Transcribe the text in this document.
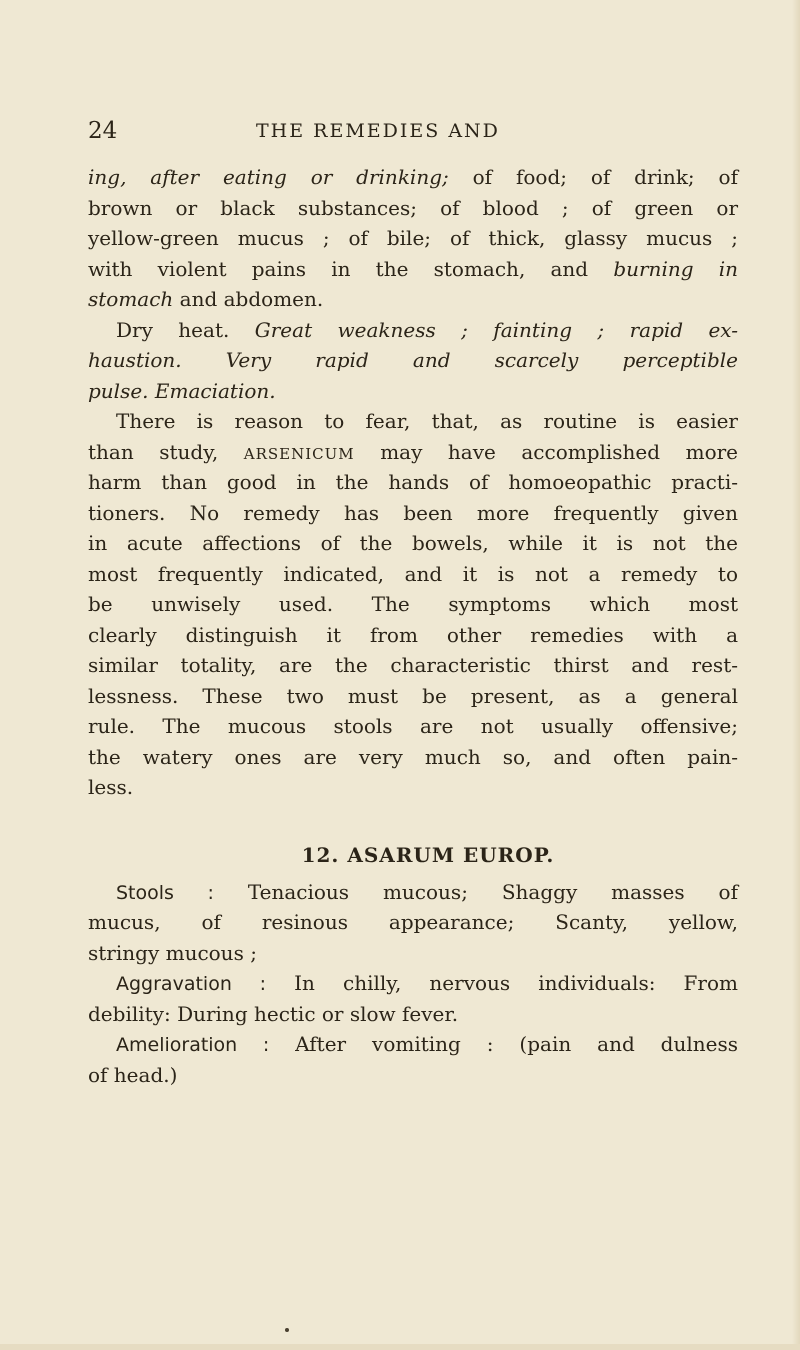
24	THE REMEDIES AND
ing, after eating or drinking; of food; of drink; of
brown or black substances; of blood ; of green or
yellow-green mucus ; of bile; of thick, glassy mucus ;
with violent pains in the stomach, and burning in
stomach and abdomen.
Dry heat. Great weakness ; fainting ; rapid ex-
haustion. Very rapid and scarcely perceptible
pulse. Emaciation.
There is reason to fear, that, as routine is easier
than study, ARSENICUM may have accomplished more
harm than good in the hands of homoeopathic practi-
tioners. No remedy has been more frequently given
in acute affections of the bowels, while it is not the
most frequently indicated, and it is not a remedy to
be unwisely used. The symptoms which most
clearly distinguish it from other remedies with a
similar totality, are the characteristic thirst and rest-
lessness. These two must be present, as a general
rule. The mucous stools are not usually offensive;
the watery ones are very much so, and often pain-
less.
12. ASARUM EUROP.
Stools : Tenacious mucous; Shaggy masses of
mucus, of resinous appearance; Scanty, yellow,
stringy mucous ;
Aggravation : In chilly, nervous individuals: From
debility: During hectic or slow fever.
Amelioration : After vomiting : (pain and dulness
of head.)
